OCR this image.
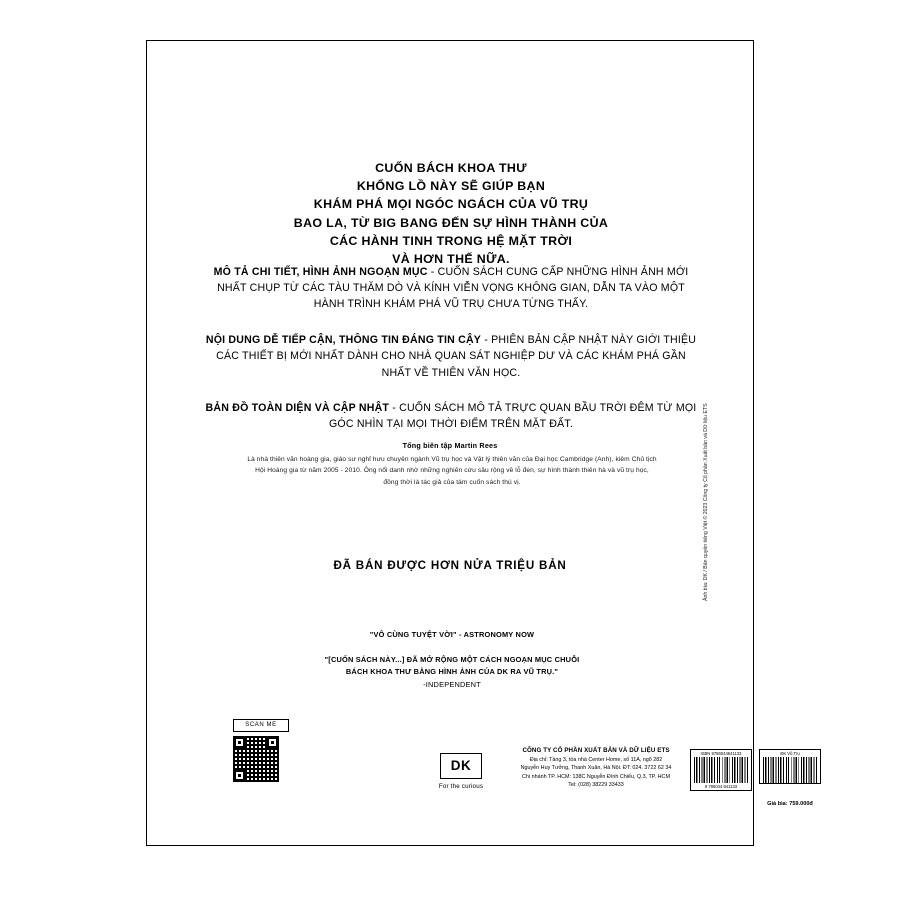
CUỐN BÁCH KHOA THƯ
KHỔNG LỒ NÀY SẼ GIÚP BẠN
KHÁM PHÁ MỌI NGÓC NGÁCH CỦA VŨ TRỤ
BAO LA, TỪ BIG BANG ĐẾN SỰ HÌNH THÀNH CỦA
CÁC HÀNH TINH TRONG HỆ MẶT TRỜI
VÀ HƠN THẾ NỮA.

MÔ TẢ CHI TIẾT, HÌNH ẢNH NGOẠN MỤC - CUỐN SÁCH CUNG CẤP NHỮNG HÌNH ẢNH MỚI NHẤT CHỤP TỪ CÁC TÀU THĂM DÒ VÀ KÍNH VIỄN VỌNG KHÔNG GIAN, DẪN TA VÀO MỘT HÀNH TRÌNH KHÁM PHÁ VŨ TRỤ CHƯA TỪNG THẤY.

NỘI DUNG DỄ TIẾP CẬN, THÔNG TIN ĐÁNG TIN CẬY - PHIÊN BẢN CẬP NHẬT NÀY GIỚI THIỆU CÁC THIẾT BỊ MỚI NHẤT DÀNH CHO NHÀ QUAN SÁT NGHIỆP DƯ VÀ CÁC KHÁM PHÁ GẦN NHẤT VỀ THIÊN VĂN HỌC.

BẢN ĐỒ TOÀN DIỆN VÀ CẬP NHẬT - CUỐN SÁCH MÔ TẢ TRỰC QUAN BẦU TRỜI ĐÊM TỪ MỌI GÓC NHÌN TẠI MỌI THỜI ĐIỂM TRÊN MẶT ĐẤT.

Tổng biên tập Martin Rees
Là nhà thiên văn hoàng gia, giáo sư nghỉ hưu chuyên ngành Vũ trụ học và Vật lý thiên văn của Đại học Cambridge (Anh), kiêm Chủ tịch Hội Hoàng gia từ năm 2005 - 2010. Ông nổi danh nhờ những nghiên cứu sâu rộng về lỗ đen, sự hình thành thiên hà và vũ trụ học, đồng thời là tác giả của tám cuốn sách thú vị.
ĐÃ BÁN ĐƯỢC HƠN NỬA TRIỆU BẢN
"VÔ CÙNG TUYỆT VỜI" - ASTRONOMY NOW
"[CUỐN SÁCH NÀY...] ĐÃ MỞ RỘNG MỘT CÁCH NGOẠN MỤC CHUỖI
BÁCH KHOA THƯ BẰNG HÌNH ẢNH CỦA DK RA VŨ TRỤ."
-INDEPENDENT
SCAN ME
DK
For the curious
CÔNG TY CỔ PHẦN XUẤT BẢN VÀ DỮ LIỆU ETS
Địa chỉ: Tầng 3, tòa nhà Center Home, số 11A, ngõ 282
Nguyễn Huy Tưởng, Thanh Xuân, Hà Nội. ĐT: 024. 3722 62 34
Chi nhánh TP. HCM: 138C Nguyễn Đình Chiểu, Q.3, TP. HCM
Tel: (028) 38229 33433
ISBN 9786044641133
9 786044 641133
ĐK Vũ Trụ
Giá bìa: 759.000đ
Ảnh bìa: DK / Bản quyền tiếng Việt © 2023 Công ty Cổ phần Xuất bản và Dữ liệu ETS
